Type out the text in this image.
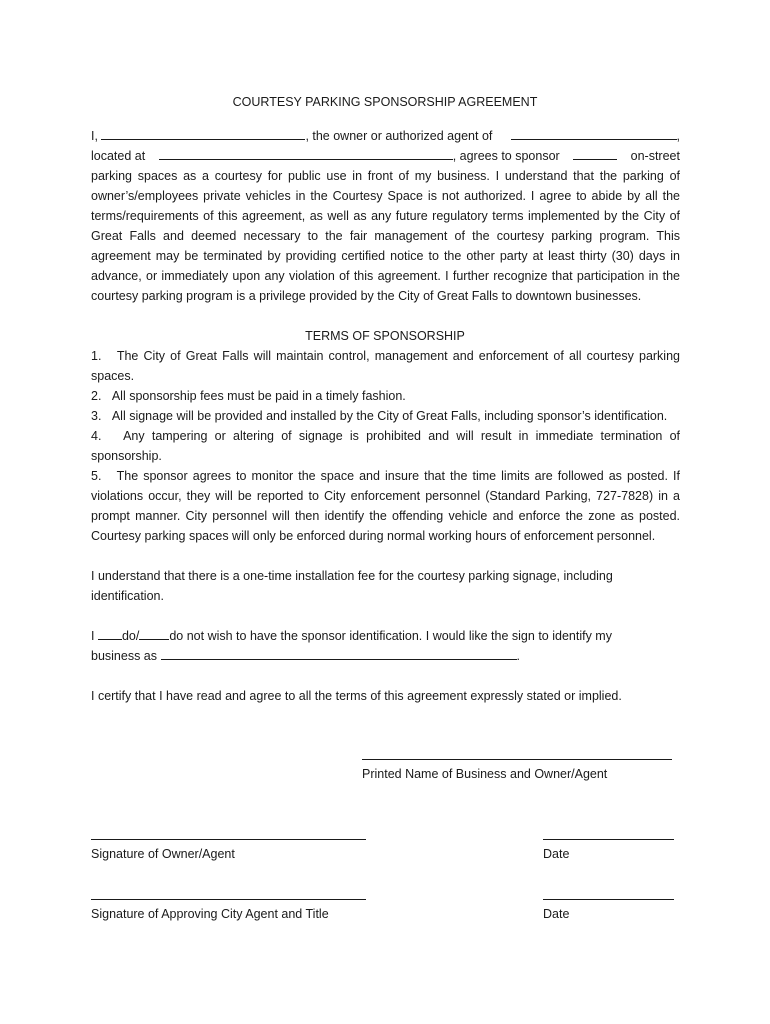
COURTESY PARKING SPONSORSHIP AGREEMENT
I,	, the owner or authorized agent of	,
located at	, agrees to sponsor	on-street
parking spaces as a courtesy for public use in front of my business. I understand that the parking of owner’s/employees private vehicles in the Courtesy Space is not authorized. I agree to abide by all the terms/requirements of this agreement, as well as any future regulatory terms implemented by the City of Great Falls and deemed necessary to the fair management of the courtesy parking program. This agreement may be terminated by providing certified notice to the other party at least thirty (30) days in advance, or immediately upon any violation of this agreement. I further recognize that participation in the courtesy parking program is a privilege provided by the City of Great Falls to downtown businesses.
TERMS OF SPONSORSHIP
1.   The City of Great Falls will maintain control, management and enforcement of all courtesy parking spaces.
2.   All sponsorship fees must be paid in a timely fashion.
3.   All signage will be provided and installed by the City of Great Falls, including sponsor’s identification.
4.   Any tampering or altering of signage is prohibited and will result in immediate termination of sponsorship.
5.   The sponsor agrees to monitor the space and insure that the time limits are followed as posted. If violations occur, they will be reported to City enforcement personnel (Standard Parking, 727-7828) in a prompt manner. City personnel will then identify the offending vehicle and enforce the zone as posted. Courtesy parking spaces will only be enforced during normal working hours of enforcement personnel.
I understand that there is a one-time installation fee for the courtesy parking signage, including identification.
I do/ do not wish to have the sponsor identification. I would like the sign to identify my
business as	.
I certify that I have read and agree to all the terms of this agreement expressly stated or implied.
Printed Name of Business and Owner/Agent
Signature of Owner/Agent	Date
Signature of Approving City Agent and Title	Date
